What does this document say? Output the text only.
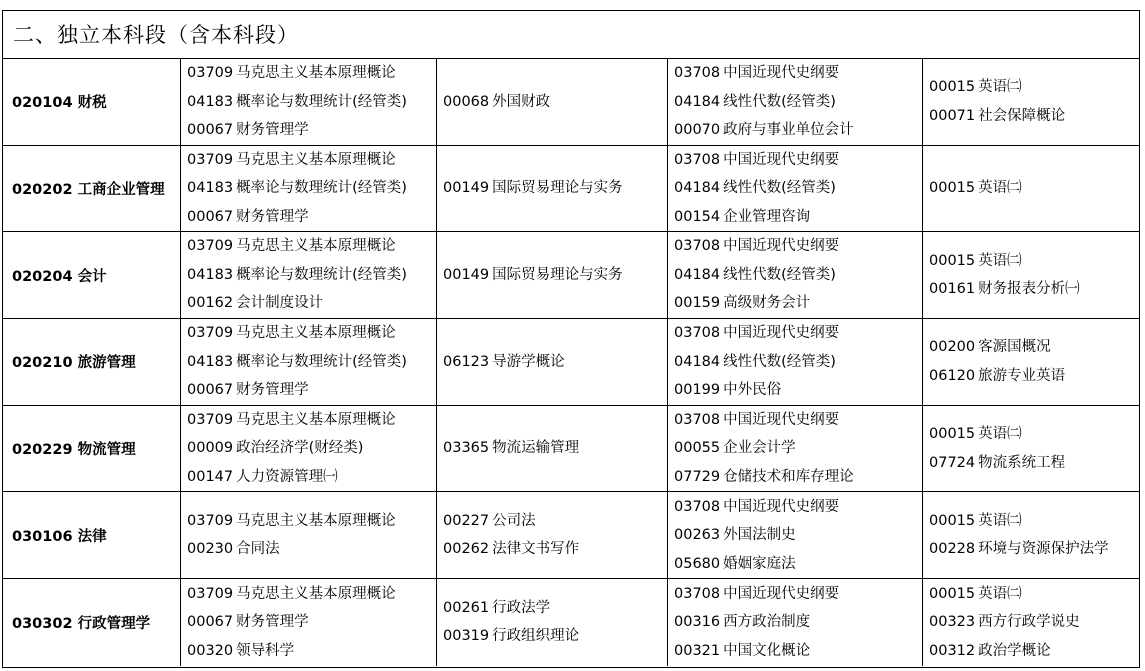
二、独立本科段（含本科段）
020104 财税
03709 马克思主义基本原理概论
04183 概率论与数理统计(经管类)
00067 财务管理学
00068 外国财政
03708 中国近现代史纲要
04184 线性代数(经管类)
00070 政府与事业单位会计
00015 英语㈡
00071 社会保障概论
020202 工商企业管理
03709 马克思主义基本原理概论
04183 概率论与数理统计(经管类)
00067 财务管理学
00149 国际贸易理论与实务
03708 中国近现代史纲要
04184 线性代数(经管类)
00154 企业管理咨询
00015 英语㈡
020204 会计
03709 马克思主义基本原理概论
04183 概率论与数理统计(经管类)
00162 会计制度设计
00149 国际贸易理论与实务
03708 中国近现代史纲要
04184 线性代数(经管类)
00159 高级财务会计
00015 英语㈡
00161 财务报表分析㈠
020210 旅游管理
03709 马克思主义基本原理概论
04183 概率论与数理统计(经管类)
00067 财务管理学
06123 导游学概论
03708 中国近现代史纲要
04184 线性代数(经管类)
00199 中外民俗
00200 客源国概况
06120 旅游专业英语
020229 物流管理
03709 马克思主义基本原理概论
00009 政治经济学(财经类)
00147 人力资源管理㈠
03365 物流运输管理
03708 中国近现代史纲要
00055 企业会计学
07729 仓储技术和库存理论
00015 英语㈡
07724 物流系统工程
030106 法律
03709 马克思主义基本原理概论
00230 合同法
00227 公司法
00262 法律文书写作
03708 中国近现代史纲要
00263 外国法制史
05680 婚姻家庭法
00015 英语㈡
00228 环境与资源保护法学
030302 行政管理学
03709 马克思主义基本原理概论
00067 财务管理学
00320 领导科学
00261 行政法学
00319 行政组织理论
03708 中国近现代史纲要
00316 西方政治制度
00321 中国文化概论
00015 英语㈡
00323 西方行政学说史
00312 政治学概论
